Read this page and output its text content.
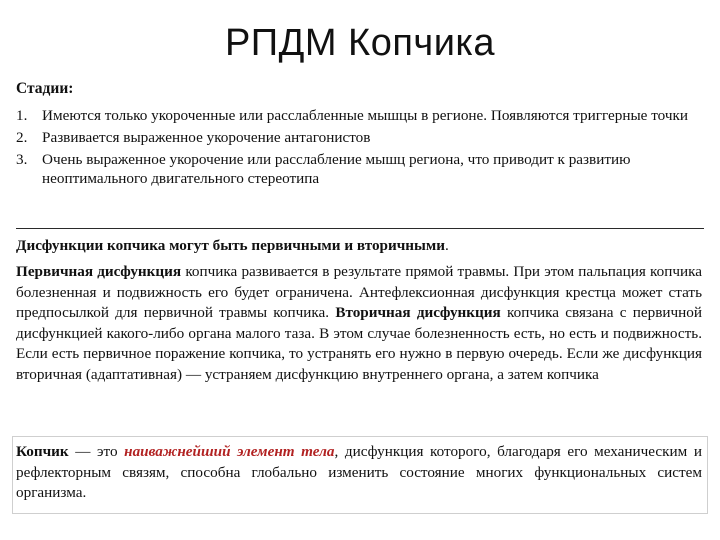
РПДМ Копчика
Стадии:
1. Имеются только укороченные или расслабленные мышцы в регионе. Появляются триггерные точки
2. Развивается выраженное укорочение антагонистов
3. Очень выраженное укорочение или расслабление мышц региона, что приводит к развитию неоптимального двигательного стереотипа
Дисфункции копчика могут быть первичными и вторичными.
Первичная дисфункция копчика развивается в результате прямой травмы. При этом пальпация копчика болезненная и подвижность его будет ограничена. Антефлексионная дисфункция крестца может стать предпосылкой для первичной травмы копчика. Вторичная дисфункция копчика связана с первичной дисфункцией какого-либо органа малого таза. В этом случае болезненность есть, но есть и подвижность. Если есть первичное поражение копчика, то устранять его нужно в первую очередь. Если же дисфункция вторичная (адаптативная) — устраняем дисфункцию внутреннего органа, а затем копчика
Копчик — это наиважнейший элемент тела, дисфункция которого, благодаря его механическим и рефлекторным связям, способна глобально изменить состояние многих функциональных систем организма.
